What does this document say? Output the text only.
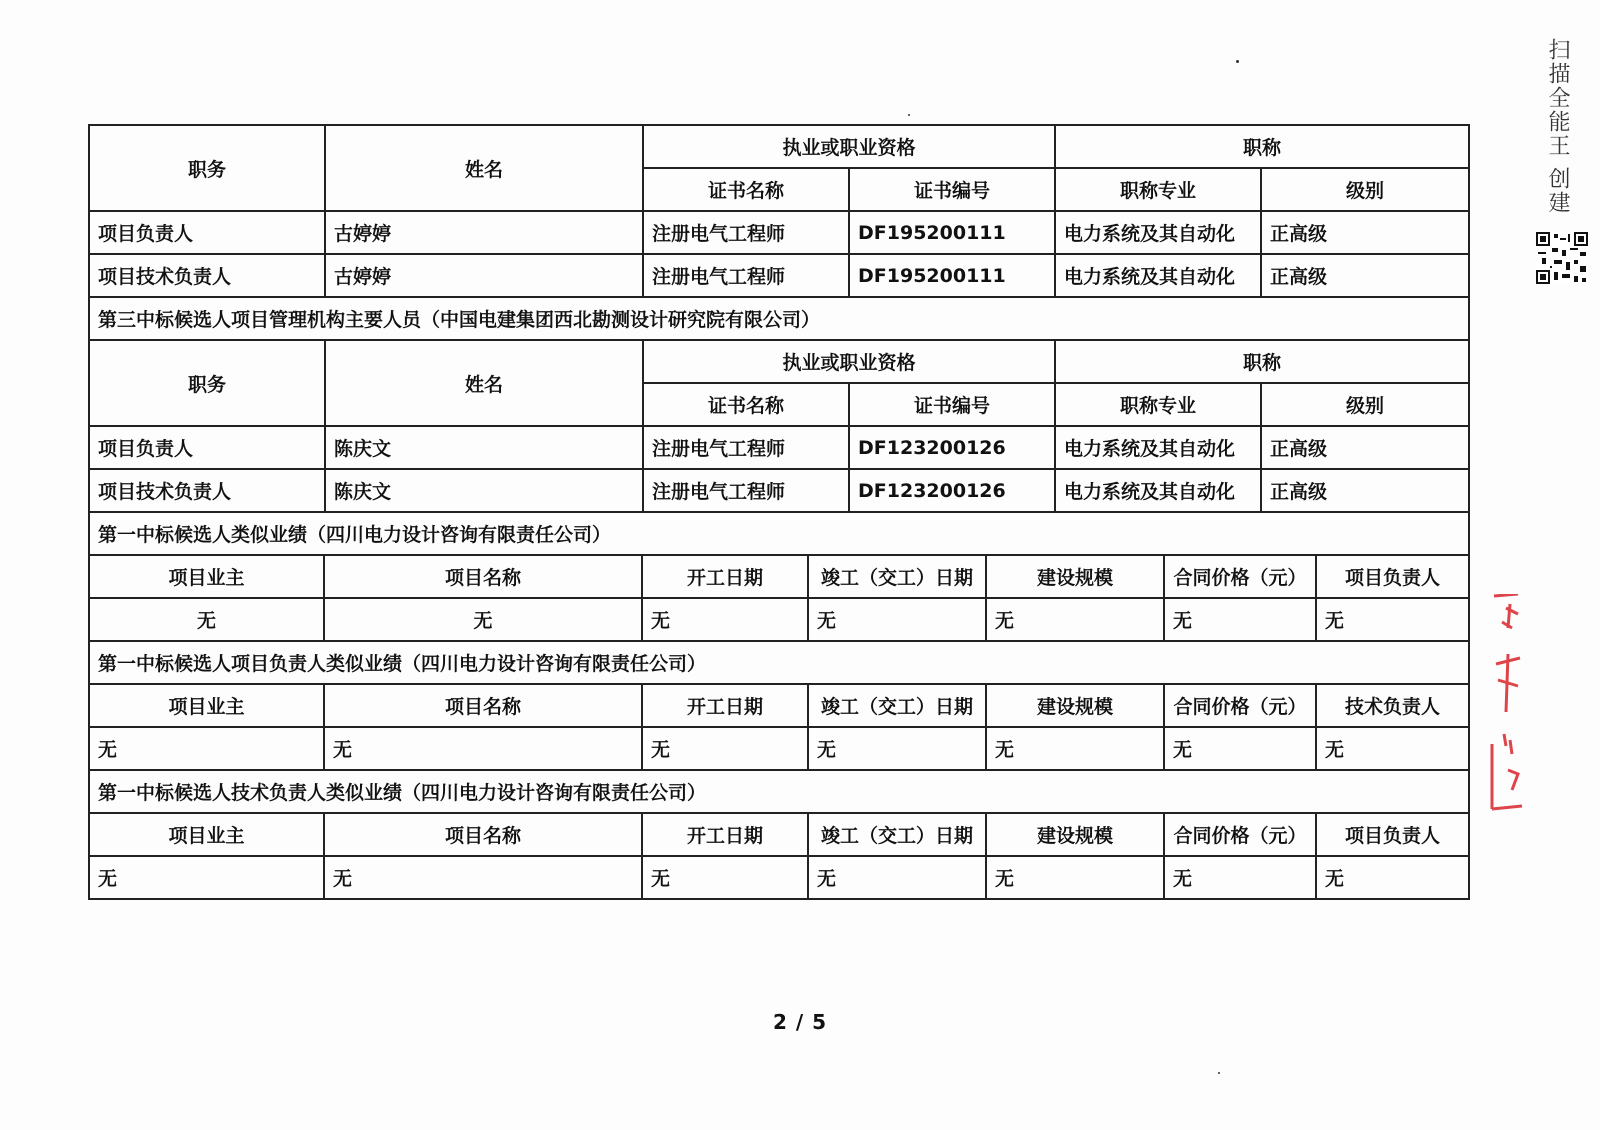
职务	姓名	执业或职业资格		职称	
		证书名称	证书编号	职称专业	级别
项目负责人	古婷婷	注册电气工程师	DF195200111	电力系统及其自动化	正高级
项目技术负责人	古婷婷	注册电气工程师	DF195200111	电力系统及其自动化	正高级
第三中标候选人项目管理机构主要人员（中国电建集团西北勘测设计研究院有限公司）					
职务	姓名	执业或职业资格		职称	
		证书名称	证书编号	职称专业	级别
项目负责人	陈庆文	注册电气工程师	DF123200126	电力系统及其自动化	正高级
项目技术负责人	陈庆文	注册电气工程师	DF123200126	电力系统及其自动化	正高级
第一中标候选人类似业绩（四川电力设计咨询有限责任公司）						
项目业主	项目名称	开工日期	竣工（交工）日期	建设规模	合同价格（元）	项目负责人
无	无	无	无	无	无	无
第一中标候选人项目负责人类似业绩（四川电力设计咨询有限责任公司）						
项目业主	项目名称	开工日期	竣工（交工）日期	建设规模	合同价格（元）	技术负责人
无	无	无	无	无	无	无
第一中标候选人技术负责人类似业绩（四川电力设计咨询有限责任公司）						
项目业主	项目名称	开工日期	竣工（交工）日期	建设规模	合同价格（元）	项目负责人
无	无	无	无	无	无	无
2 / 5
扫描全能王 创建
